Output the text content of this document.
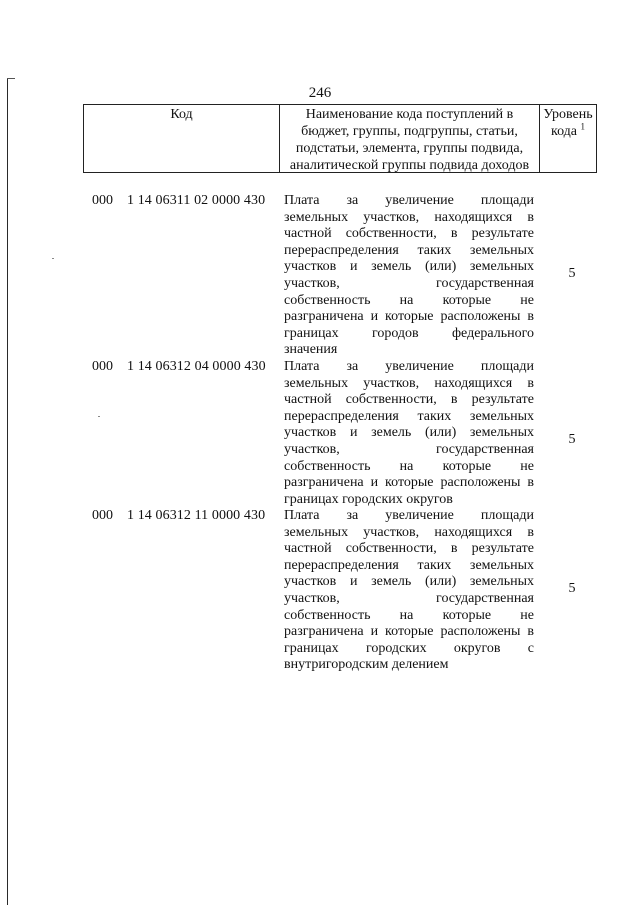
246
Код	Наименование кода поступлений в
бюджет, группы, подгруппы, статьи,
подстатьи, элемента, группы подвида,
аналитической группы подвида доходов
Уровень
кода $^1$
000 1 14 06311 02 0000 430 Плата за увеличение площади
земельных участков, находящихся в
частной собственности, в результате
перераспределения таких земельных
участков и земель (или) земельных
участков, государственная
собственность на которые не
разграничена и которые расположены в
границах городов федерального
значения
5
000 1 14 06312 04 0000 430 Плата за увеличение площади
земельных участков, находящихся в
частной собственности, в результате
перераспределения таких земельных
участков и земель (или) земельных
участков, государственная
собственность на которые не
разграничена и которые расположены в
границах городских округов
5
000 1 14 06312 11 0000 430 Плата за увеличение площади
земельных участков, находящихся в
частной собственности, в результате
перераспределения таких земельных
участков и земель (или) земельных
участков, государственная
собственность на которые не
разграничена и которые расположены в
границах городских округов с
внутригородским делением
5
